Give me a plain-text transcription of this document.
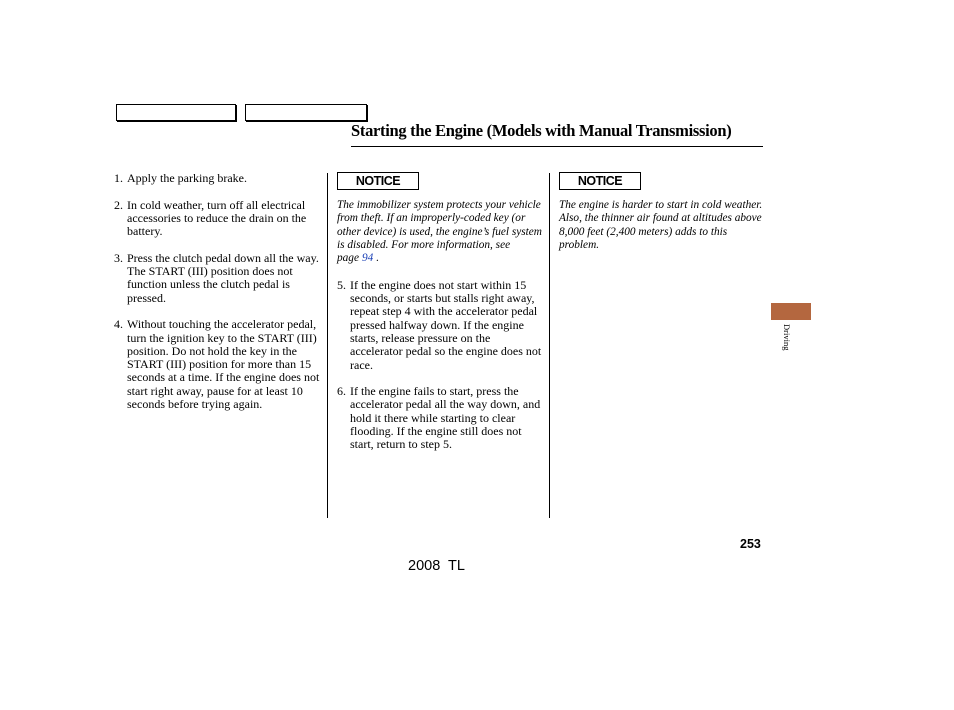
Starting the Engine (Models with Manual Transmission)
1. Apply the parking brake.
2. In cold weather, turn off all electrical accessories to reduce the drain on the battery.
3. Press the clutch pedal down all the way. The START (III) position does not function unless the clutch pedal is pressed.
4. Without touching the accelerator pedal, turn the ignition key to the START (III) position. Do not hold the key in the START (III) position for more than 15 seconds at a time. If the engine does not start right away, pause for at least 10 seconds before trying again.
NOTICE

The immobilizer system protects your vehicle from theft. If an improperly-coded key (or other device) is used, the engine’s fuel system is disabled. For more information, see page 94 .

5. If the engine does not start within 15 seconds, or starts but stalls right away, repeat step 4 with the accelerator pedal pressed halfway down. If the engine starts, release pressure on the accelerator pedal so the engine does not race.
6. If the engine fails to start, press the accelerator pedal all the way down, and hold it there while starting to clear flooding. If the engine still does not start, return to step 5.
NOTICE

The engine is harder to start in cold weather. Also, the thinner air found at altitudes above 8,000 feet (2,400 meters) adds to this problem.

Driving
253
2008  TL
